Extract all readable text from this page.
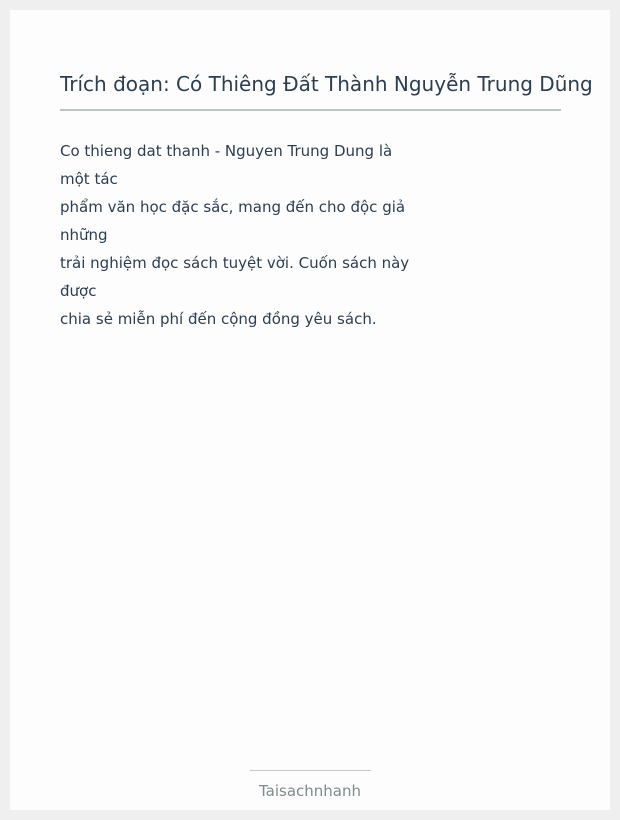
Trích đoạn: Có Thiêng Đất Thành Nguyễn Trung Dũng
Co thieng dat thanh - Nguyen Trung Dung là
một tác
phẩm văn học đặc sắc, mang đến cho độc giả
những
trải nghiệm đọc sách tuyệt vời. Cuốn sách này
được
chia sẻ miễn phí đến cộng đồng yêu sách.
Taisachnhanh
